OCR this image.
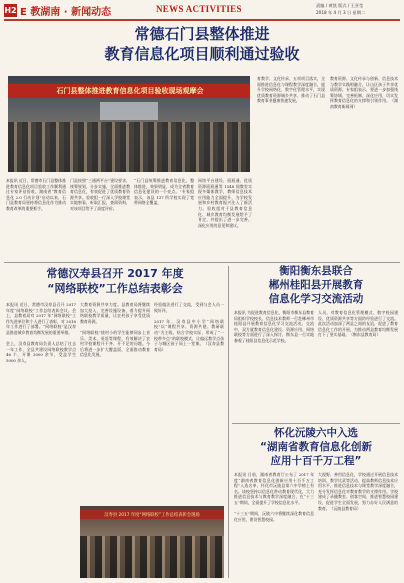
H2 E 教湖南 · 新闻动态	NEWS ACTIVITIES	责编 / 黄凯 版式 / 王亚莹
2018 年 4 月 3 日 星期二
常德石门县整体推进
教育信息化项目顺利通过验收
石门县整体推进教育信息化项目验收现场观摩会
本报讯 近日，常德市石门县整体推进教育信息化项目验收工作顺利通过专家评估验收。湖南省“教育信息化 2.0 行动计划”启动以来，石门县教育局坚持将信息化作为推动教育改革的重要抓手。
门县按照“三通两平台”建设要求，统筹规划，分步实施，全面推进教育信息化，有效促进了优质教育资源共享。验收组一行深入学校课堂实地察看，听取汇报，查阅资料，对该项目给予了高度评价。
“石门县统筹推进教育信息化，整体推进，效果明显，成为全省教育信息化建设的一个亮点。”专家组表示，该县 137 所学校实现了宽带网络全覆盖，
网络平台建设、班班通、优质资源班班通等 1548 间教室实现多媒体教学，教师信息技术应用能力全面提升，为学校发展和乡村教育振兴注入了新活力。验收组对于县教育信息化、城乡教育均衡发展给予了肯定，并提出了进一步完善、深化应用的意见和建议。
育教学、文化传承、五项项目落实，全面推进信息化与课程教学深度融合，提升学校网络化、数字化管理水平，实现优质教育资源城乡共享，推动了石门县教育事业健康快速发展。
教育资源、文化传承与创新、信息技术与教学实践相融合，让山区孩子共享优质资源。专家组表示，要进一步加强统筹协调、完善机制、深化应用，切实发挥教育信息化的支撑和引领作用。（湖南教育新闻网）
常德汉寿县召开 2017 年度
“网络联校”工作总结表彰会
本报讯 近日，常德市汉寿县召开 2017 年度“网络联校”工作总结表彰会议。会上，县教育局对 2017 年“网络联校”工作先进单位和个人进行了表彰，对 2018 年工作进行了部署。“网络联校”是汉寿县推进城乡教育均衡发展的重要举措。

会上，汉寿县教育局负责人总结了过去一年工作，全县共建设网络联校教学点 46 个，开课 3000 余节，受益学生 5000 余人。
大教育资源共享力度。县教育局将继续加大投入，完善设施设备，着力提升网络联校教学质量，让农村孩子享受优质教育资源。

“网络联校”使村小的学生能够同步上音乐、美术、英语等课程，有效解决了农村学校课程开不齐、开不足的问题。今后将进一步扩大覆盖面，全面推动教育信息化发展。
经验做法进行了交流，受到与会人员一致好评。

2017 年，汉寿县中小学“网络联校”以“课程共享、资源共建、教研联动”为主线，结合学校实际，形成了“一校带多点”的联校模式，让偏远教学点孩子与城区孩子同上一堂课。（汉寿县教育局）
汉寿县 2017 年度“网络联校”工作总结表彰会现场
衡阳衡东县联合
郴州桂阳县开展教育
信息化学习交流活动
本报讯 为促进教育信息化，衡阳市衡东县教育局组织学校校长、信息技术教师一行赴郴州市桂阳县开展教育信息化学习交流活动。交流中，双方就教育信息化建设、资源应用、网络联校等方面进行了深入探讨，衡东县一行实地参观了桂阳县信息化示范学校。
人员，对教育信息化管理模式、数字校园建设、优质资源共享等方面的经验进行了交流。此次活动加深了两县之间的友谊，促进了教育信息化工作的开展，为推动两县教育均衡发展打下了坚实基础。（衡东县教育局）
怀化沅陵六中入选
“湖南省教育信息化创新
应用十百千万工程”
本报讯 日前，湖南省教育厅公布了 2017 年度“湖南省教育信息化创新应用十百千万工程”入选名单，怀化市沅陵县第六中学榜上有名。该校坚持以信息化带动教育现代化，大力推进信息技术与教育教学深度融合，在“十三五”期间，全面提升了学校信息化水平。

“十三五”期间，沅陵六中将继续深化教育信息化应用，建设智慧校园。
大视野、善用信息化，学校通过开展信息技术培训、教学比武等活动，提高教师信息技术应用水平，推进信息技术与课堂教学深度融合，充分发挥信息化对教育教学的支撑作用。学校建成了录播教室、创客空间，推进智慧校园建设，促进学生全面发展，努力办好人民满意的教育。（沅陵县教育局）
